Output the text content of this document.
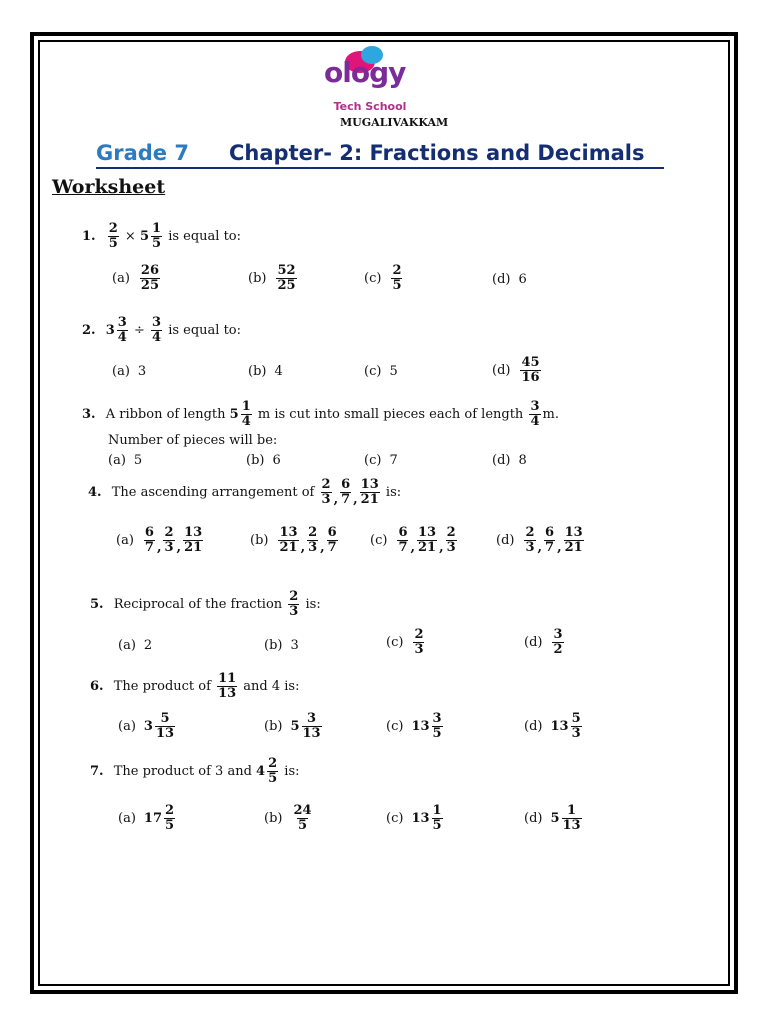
ology
Tech School
MUGALIVAKKAM
Grade 7 Chapter- 2: Fractions and Decimals
Worksheet
1. $\frac{2}{5} \times 5 \frac{1}{5}$ is equal to:
$(a) \frac{26}{25}$	$(b) \frac{52}{25}$	$(c) \frac{2}{5}$	(d) 6
2. $3 \frac{3}{4} \div \frac{3}{4}$ is equal to:
(a) 3	(b) 4	(c) 5	$(d) \frac{45}{16}$
3. A ribbon of length $5 \frac{1}{4}$ m is cut into small pieces each of length $\frac{3}{4} m$.
Number of pieces will be:
(a) 5	(b) 6	(c) 7	(d) 8
4. The ascending arrangement of $\frac{2}{3}$ , $\frac{6}{7}$ , $\frac{13}{21}$ is:
$(a) \frac{6}{7}$ , $\frac{2}{3}$ , $\frac{13}{21}$	$(b) \frac{13}{21}$ , $\frac{2}{3}$ , $\frac{6}{7} (c) \frac{6}{7}$ , $\frac{13}{21}$ , $\frac{2}{3}$	$(d) \frac{2}{3}$ , $\frac{6}{7}$ , $\frac{13}{21}$
5. Reciprocal of the fraction $\frac{2}{3}$ is:
(a) 2	(b) 3	$(c) \frac{2}{3}$	$(d) \frac{3}{2}$
6. The product of $\frac{11}{13}$ and 4 is:
(a) $3 \frac{5}{13}$	(b) $5 \frac{3}{13}$	(c) $13 \frac{3}{5}$	(d) $13 \frac{5}{3}$
7. The product of 3 and $4 \frac{2}{5}$ is:
(a) $17 \frac{2}{5}$	$(b) \frac{24}{5}$	(c) $13 \frac{1}{5}$	(d) $5 \frac{1}{13}$
